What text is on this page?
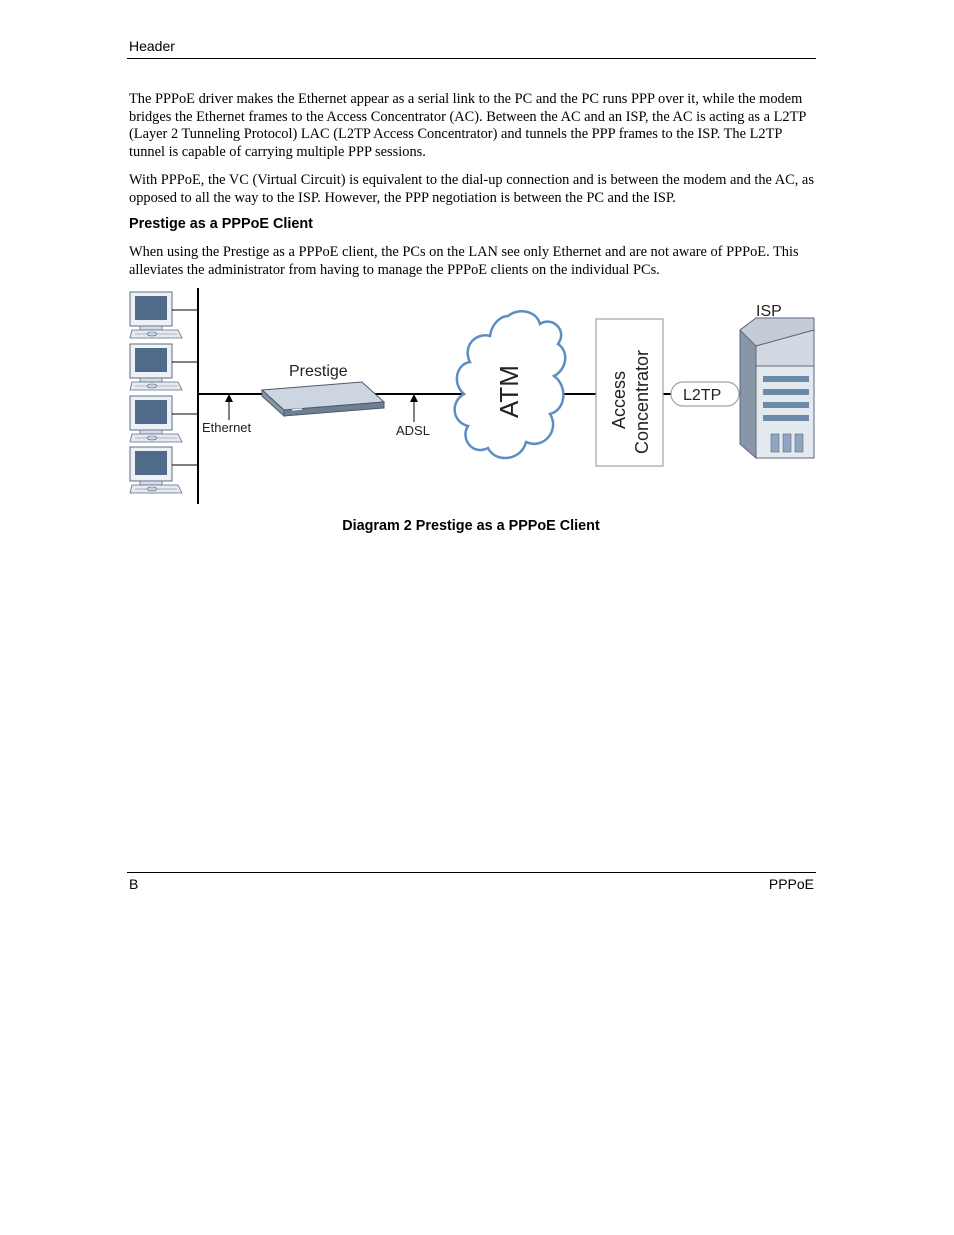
Header

The PPPoE driver makes the Ethernet appear as a serial link to the PC and the PC runs PPP over it, while the modem bridges the Ethernet frames to the Access Concentrator (AC). Between the AC and an ISP, the AC is acting as a L2TP (Layer 2 Tunneling Protocol) LAC (L2TP Access Concentrator) and tunnels the PPP frames to the ISP. The L2TP tunnel is capable of carrying multiple PPP sessions.

With PPPoE, the VC (Virtual Circuit) is equivalent to the dial-up connection and is between the modem and the AC, as opposed to all the way to the ISP. However, the PPP negotiation is between the PC and the ISP.

Prestige as a PPPoE Client

When using the Prestige as a PPPoE client, the PCs on the LAN see only Ethernet and are not aware of PPPoE. This alleviates the administrator from having to manage the PPPoE clients on the individual PCs.

Ethernet	ADSL
Prestige	ATM	Access Concentrator L2TP
ISP
Diagram 2 Prestige as a PPPoE Client
B	PPPoE
